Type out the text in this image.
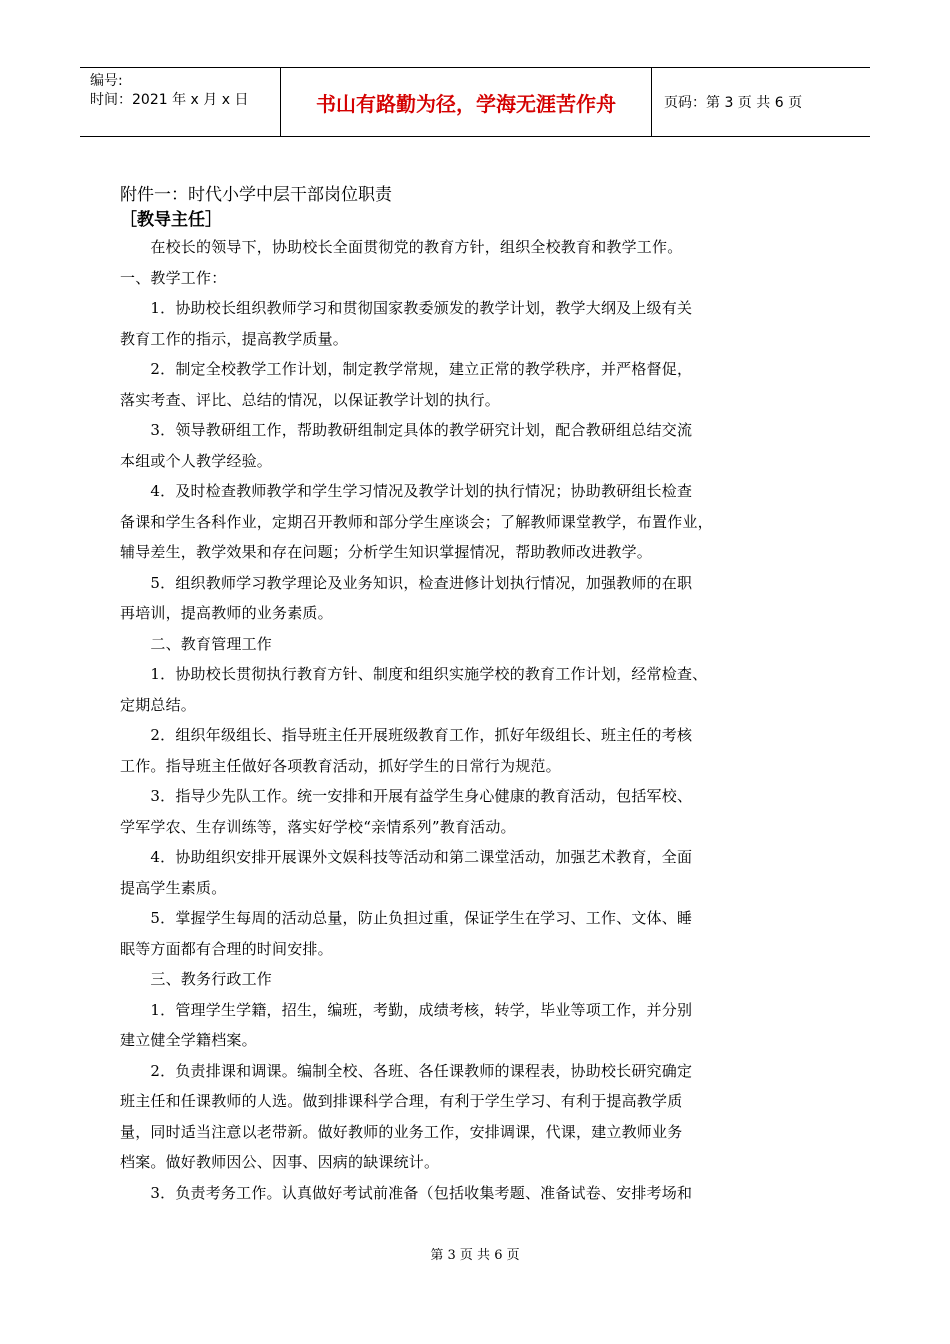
编号:
时间：2021 年 x 月 x 日	书山有路勤为径，学海无涯苦作舟	页码：第 3 页 共 6 页
附件一：时代小学中层干部岗位职责
［教导主任］
　　在校长的领导下，协助校长全面贯彻党的教育方针，组织全校教育和教学工作。
一、教学工作：
　　1．协助校长组织教师学习和贯彻国家教委颁发的教学计划，教学大纲及上级有关
教育工作的指示，提高教学质量。
　　2．制定全校教学工作计划，制定教学常规，建立正常的教学秩序，并严格督促，
落实考查、评比、总结的情况，以保证教学计划的执行。
　　3．领导教研组工作，帮助教研组制定具体的教学研究计划，配合教研组总结交流
本组或个人教学经验。
　　4．及时检查教师教学和学生学习情况及教学计划的执行情况；协助教研组长检查
备课和学生各科作业，定期召开教师和部分学生座谈会；了解教师课堂教学，布置作业，
辅导差生，教学效果和存在问题；分析学生知识掌握情况，帮助教师改进教学。
　　5．组织教师学习教学理论及业务知识，检查进修计划执行情况，加强教师的在职
再培训，提高教师的业务素质。
　　二、教育管理工作
　　1．协助校长贯彻执行教育方针、制度和组织实施学校的教育工作计划，经常检查、
定期总结。
　　2．组织年级组长、指导班主任开展班级教育工作，抓好年级组长、班主任的考核
工作。指导班主任做好各项教育活动，抓好学生的日常行为规范。
　　3．指导少先队工作。统一安排和开展有益学生身心健康的教育活动，包括军校、
学军学农、生存训练等，落实好学校“亲情系列”教育活动。
　　4．协助组织安排开展课外文娱科技等活动和第二课堂活动，加强艺术教育，全面
提高学生素质。
　　5．掌握学生每周的活动总量，防止负担过重，保证学生在学习、工作、文体、睡
眠等方面都有合理的时间安排。
　　三、教务行政工作
　　1．管理学生学籍，招生，编班，考勤，成绩考核，转学，毕业等项工作，并分别
建立健全学籍档案。
　　2．负责排课和调课。编制全校、各班、各任课教师的课程表，协助校长研究确定
班主任和任课教师的人选。做到排课科学合理，有利于学生学习、有利于提高教学质
量，同时适当注意以老带新。做好教师的业务工作，安排调课，代课，建立教师业务
档案。做好教师因公、因事、因病的缺课统计。
　　3．负责考务工作。认真做好考试前准备（包括收集考题、准备试卷、安排考场和
第 3 页 共 6 页
